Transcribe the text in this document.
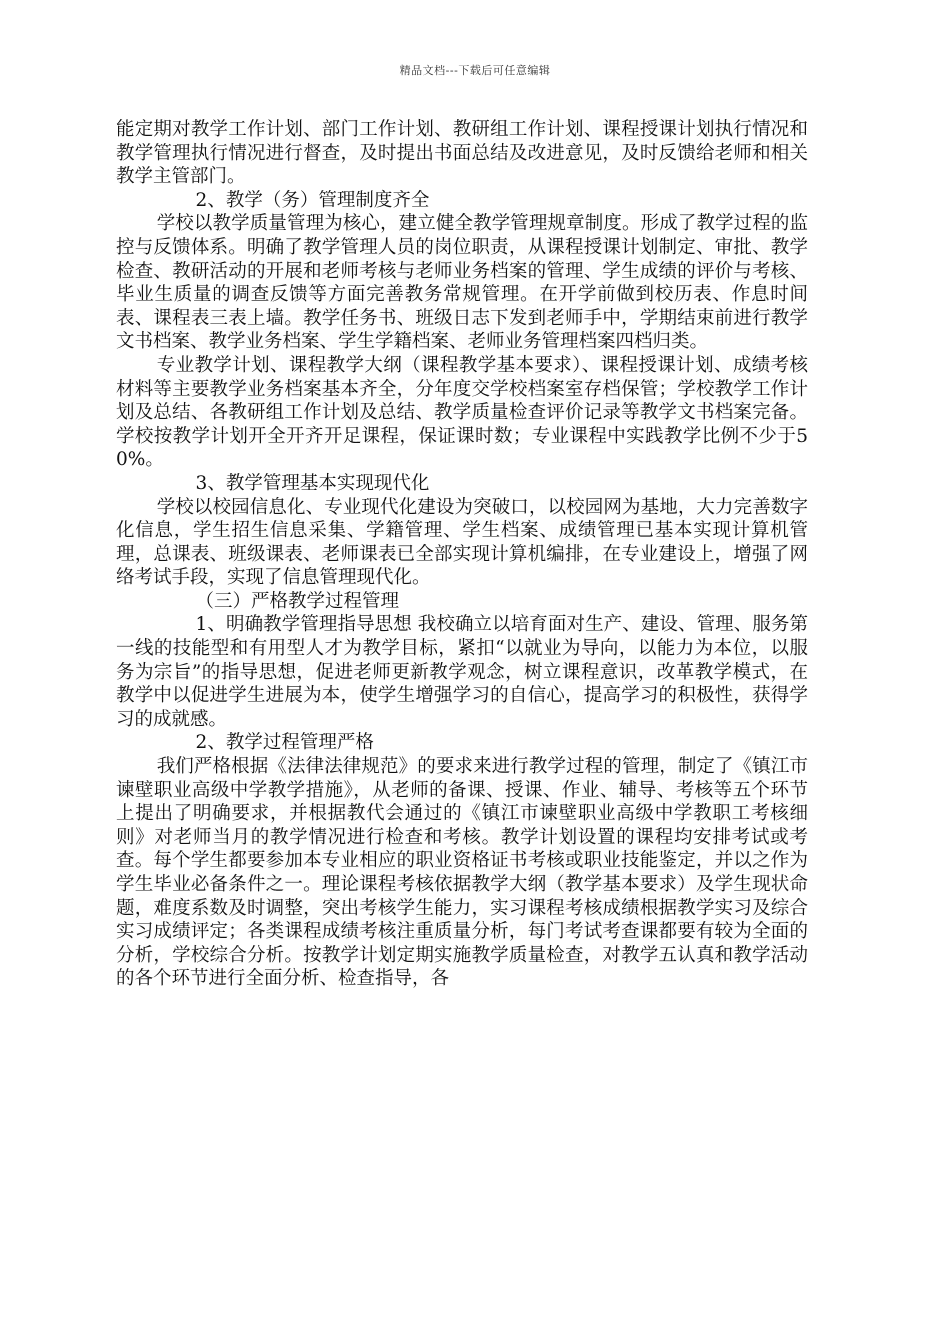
精品文档---下载后可任意编辑

能定期对教学工作计划、部门工作计划、教研组工作计划、课程授课计划执行情况和教学管理执行情况进行督查，及时提出书面总结及改进意见，及时反馈给老师和相关教学主管部门。

2、教学（务）管理制度齐全

学校以教学质量管理为核心，建立健全教学管理规章制度。形成了教学过程的监控与反馈体系。明确了教学管理人员的岗位职责，从课程授课计划制定、审批、教学检查、教研活动的开展和老师考核与老师业务档案的管理、学生成绩的评价与考核、毕业生质量的调查反馈等方面完善教务常规管理。在开学前做到校历表、作息时间表、课程表三表上墙。教学任务书、班级日志下发到老师手中，学期结束前进行教学文书档案、教学业务档案、学生学籍档案、老师业务管理档案四档归类。

专业教学计划、课程教学大纲（课程教学基本要求）、课程授课计划、成绩考核材料等主要教学业务档案基本齐全，分年度交学校档案室存档保管；学校教学工作计划及总结、各教研组工作计划及总结、教学质量检查评价记录等教学文书档案完备。学校按教学计划开全开齐开足课程，保证课时数；专业课程中实践教学比例不少于50%。

3、教学管理基本实现现代化

学校以校园信息化、专业现代化建设为突破口，以校园网为基地，大力完善数字化信息，学生招生信息采集、学籍管理、学生档案、成绩管理已基本实现计算机管理，总课表、班级课表、老师课表已全部实现计算机编排，在专业建设上，增强了网络考试手段，实现了信息管理现代化。

（三）严格教学过程管理

1、明确教学管理指导思想 我校确立以培育面对生产、建设、管理、服务第一线的技能型和有用型人才为教学目标，紧扣“以就业为导向，以能力为本位，以服务为宗旨”的指导思想，促进老师更新教学观念，树立课程意识，改革教学模式，在教学中以促进学生进展为本，使学生增强学习的自信心，提高学习的积极性，获得学习的成就感。

2、教学过程管理严格

我们严格根据《法律法律规范》的要求来进行教学过程的管理，制定了《镇江市谏壁职业高级中学教学措施》，从老师的备课、授课、作业、辅导、考核等五个环节上提出了明确要求，并根据教代会通过的《镇江市谏壁职业高级中学教职工考核细则》对老师当月的教学情况进行检查和考核。教学计划设置的课程均安排考试或考查。每个学生都要参加本专业相应的职业资格证书考核或职业技能鉴定，并以之作为学生毕业必备条件之一。理论课程考核依据教学大纲（教学基本要求）及学生现状命题，难度系数及时调整，突出考核学生能力，实习课程考核成绩根据教学实习及综合实习成绩评定；各类课程成绩考核注重质量分析，每门考试考查课都要有较为全面的分析，学校综合分析。按教学计划定期实施教学质量检查，对教学五认真和教学活动的各个环节进行全面分析、检查指导，各
